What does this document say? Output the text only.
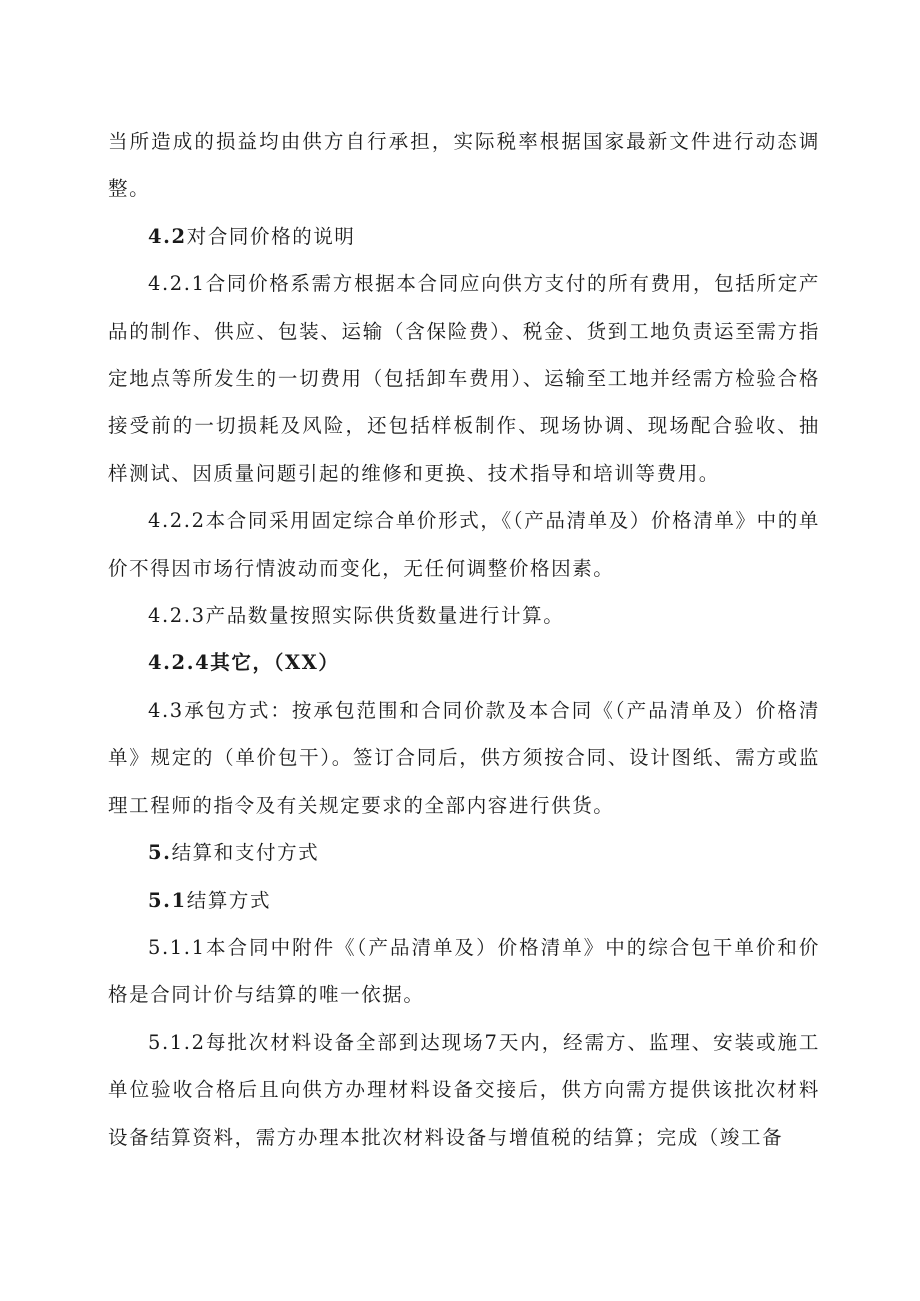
当所造成的损益均由供方自行承担，实际税率根据国家最新文件进行动态调整。

4.2对合同价格的说明

4.2.1合同价格系需方根据本合同应向供方支付的所有费用，包括所定产品的制作、供应、包装、运输（含保险费）、税金、货到工地负责运至需方指定地点等所发生的一切费用（包括卸车费用）、运输至工地并经需方检验合格接受前的一切损耗及风险，还包括样板制作、现场协调、现场配合验收、抽样测试、因质量问题引起的维修和更换、技术指导和培训等费用。

4.2.2本合同采用固定综合单价形式，《（产品清单及）价格清单》中的单价不得因市场行情波动而变化，无任何调整价格因素。

4.2.3产品数量按照实际供货数量进行计算。

4.2.4其它，（XX）

4.3承包方式：按承包范围和合同价款及本合同《（产品清单及）价格清单》规定的（单价包干）。签订合同后，供方须按合同、设计图纸、需方或监理工程师的指令及有关规定要求的全部内容进行供货。

5.结算和支付方式

5.1结算方式

5.1.1本合同中附件《（产品清单及）价格清单》中的综合包干单价和价格是合同计价与结算的唯一依据。

5.1.2每批次材料设备全部到达现场7天内，经需方、监理、安装或施工单位验收合格后且向供方办理材料设备交接后，供方向需方提供该批次材料设备结算资料，需方办理本批次材料设备与增值税的结算；完成（竣工备
